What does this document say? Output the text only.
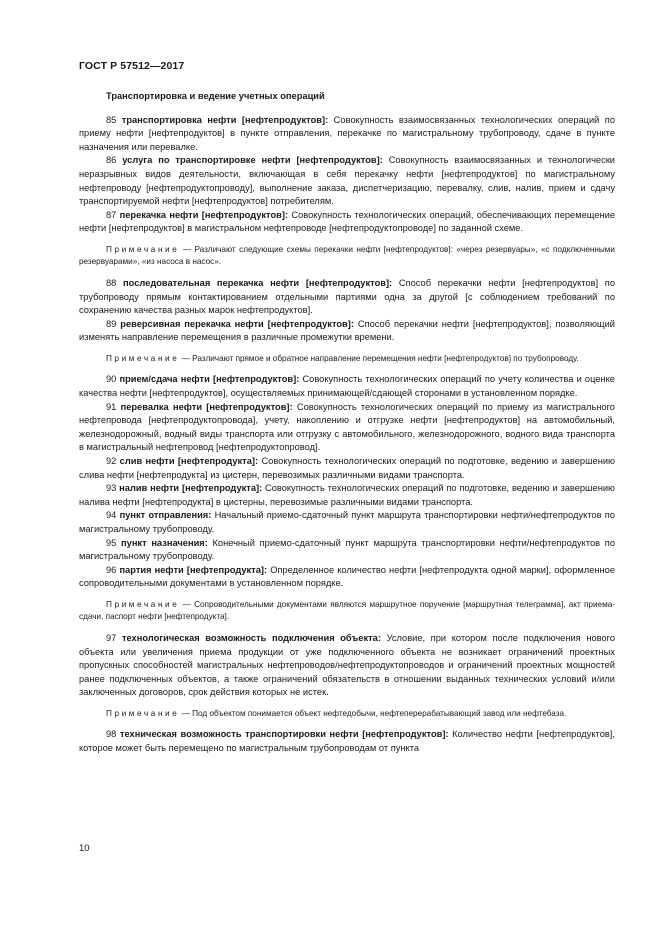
ГОСТ Р 57512—2017
Транспортировка и ведение учетных операций

85 транспортировка нефти [нефтепродуктов]: Совокупность взаимосвязанных технологических операций по приему нефти [нефтепродуктов] в пункте отправления, перекачке по магистральному трубопроводу, сдаче в пункте назначения или перевалке.

86 услуга по транспортировке нефти [нефтепродуктов]: Совокупность взаимосвязанных и технологически неразрывных видов деятельности, включающая в себя перекачку нефти [нефтепродуктов] по магистральному нефтепроводу [нефтепродуктопроводу], выполнение заказа, диспетчеризацию, перевалку, слив, налив, прием и сдачу транспортируемой нефти [нефтепродуктов] потребителям.

87 перекачка нефти [нефтепродуктов]: Совокупность технологических операций, обеспечивающих перемещение нефти [нефтепродуктов] в магистральном нефтепроводе [нефтепродуктопроводе] по заданной схеме.

Примечание — Различают следующие схемы перекачки нефти [нефтепродуктов]: «через резервуары», «с подключенными резервуарами», «из насоса в насос».

88 последовательная перекачка нефти [нефтепродуктов]: Способ перекачки нефти [нефтепродуктов] по трубопроводу прямым контактированием отдельными партиями одна за другой [с соблюдением требований по сохранению качества разных марок нефтепродуктов].

89 реверсивная перекачка нефти [нефтепродуктов]: Способ перекачки нефти [нефтепродуктов], позволяющий изменять направление перемещения в различные промежутки времени.

Примечание — Различают прямое и обратное направление перемещения нефти [нефтепродуктов] по трубопроводу.

90 прием/сдача нефти [нефтепродуктов]: Совокупность технологических операций по учету количества и оценке качества нефти [нефтепродуктов], осуществляемых принимающей/сдающей сторонами в установленном порядке.

91 перевалка нефти [нефтепродуктов]: Совокупность технологических операций по приему из магистрального нефтепровода [нефтепродуктопровода], учету, накоплению и отгрузке нефти [нефтепродуктов] на автомобильный, железнодорожный, водный виды транспорта или отгрузку с автомобильного, железнодорожного, водного вида транспорта в магистральный нефтепровод [нефтепродуктопровод].

92 слив нефти [нефтепродукта]: Совокупность технологических операций по подготовке, ведению и завершению слива нефти [нефтепродукта] из цистерн, перевозимых различными видами транспорта.

93 налив нефти [нефтепродукта]: Совокупность технологических операций по подготовке, ведению и завершению налива нефти [нефтепродукта] в цистерны, перевозимые различными видами транспорта.

94 пункт отправления: Начальный приемо-сдаточный пункт маршрута транспортировки нефти/нефтепродуктов по магистральному трубопроводу.

95 пункт назначения: Конечный приемо-сдаточный пункт маршрута транспортировки нефти/нефтепродуктов по магистральному трубопроводу.

96 партия нефти [нефтепродукта]: Определенное количество нефти [нефтепродукта одной марки], оформленное сопроводительными документами в установленном порядке.

Примечание — Сопроводительными документами являются маршрутное поручение [маршрутная телеграмма], акт приема-сдачи, паспорт нефти [нефтепродукта].

97 технологическая возможность подключения объекта: Условие, при котором после подключения нового объекта или увеличения приема продукции от уже подключенного объекта не возникает ограничений проектных пропускных способностей магистральных нефтепроводов/нефтепродуктопроводов и ограничений проектных мощностей ранее подключенных объектов, а также ограничений обязательств в отношении выданных технических условий и/или заключенных договоров, срок действия которых не истек.

Примечание — Под объектом понимается объект нефтедобычи, нефтеперерабатывающий завод или нефтебаза.

98 техническая возможность транспортировки нефти [нефтепродуктов]: Количество нефти [нефтепродуктов], которое может быть перемещено по магистральным трубопроводам от пункта

10
